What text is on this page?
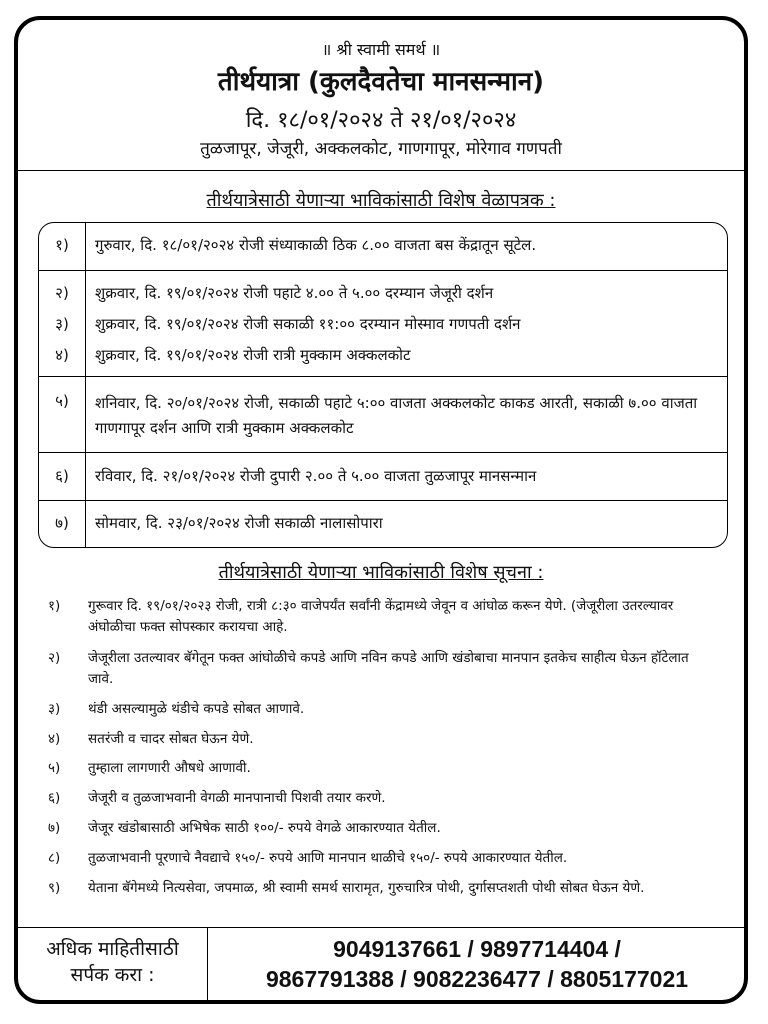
॥ श्री स्वामी समर्थ ॥
तीर्थयात्रा (कुलदैवतेचा मानसन्मान)
दि. १८/०१/२०२४ ते २१/०१/२०२४
तुळजापूर, जेजूरी, अक्कलकोट, गाणगापूर, मोरेगाव गणपती
तीर्थयात्रेसाठी येणाऱ्या भाविकांसाठी विशेष वेळापत्रक :
१)	गुरुवार, दि. १८/०१/२०२४ रोजी संध्याकाळी ठिक ८.०० वाजता बस केंद्रातून सूटेल.
२)	शुक्रवार, दि. १९/०१/२०२४ रोजी पहाटे ४.०० ते ५.०० दरम्यान जेजूरी दर्शन
३)	शुक्रवार, दि. १९/०१/२०२४ रोजी सकाळी ११:०० दरम्यान मोस्माव गणपती दर्शन
४)	शुक्रवार, दि. १९/०१/२०२४ रोजी रात्री मुक्काम अक्कलकोट
५)	शनिवार, दि. २०/०१/२०२४ रोजी, सकाळी पहाटे ५:०० वाजता अक्कलकोट काकड आरती, सकाळी ७.०० वाजता गाणगापूर दर्शन आणि रात्री मुक्काम अक्कलकोट
६)	रविवार, दि. २१/०१/२०२४ रोजी दुपारी २.०० ते ५.०० वाजता तुळजापूर मानसन्मान
७)	सोमवार, दि. २३/०१/२०२४ रोजी सकाळी नालासोपारा
तीर्थयात्रेसाठी येणाऱ्या भाविकांसाठी विशेष सूचना :
१)	गुरूवार दि. १९/०१/२०२३ रोजी, रात्री ८:३० वाजेपर्यंत सर्वांनी केंद्रामध्ये जेवून व आंघोळ करून येणे. (जेजूरीला उतरल्यावर अंघोळीचा फक्त सोपस्कार करायचा आहे.
२)	जेजूरीला उतल्यावर बॅगेतून फक्त आंघोळीचे कपडे आणि नविन कपडे आणि खंडोबाचा मानपान इतकेच साहीत्य घेऊन हॉटेलात जावे.
३)	थंडी असल्यामुळे थंडीचे कपडे सोबत आणावे.
४)	सतरंजी व चादर सोबत घेऊन येणे.
५)	तुम्हाला लागणारी औषधे आणावी.
६)	जेजूरी व तुळजाभवानी वेगळी मानपानाची पिशवी तयार करणे.
७)	जेजूर खंडोबासाठी अभिषेक साठी १००/- रुपये वेगळे आकारण्यात येतील.
८)	तुळजाभवानी पूरणाचे नैवद्याचे १५०/- रुपये आणि मानपान थाळीचे १५०/- रुपये आकारण्यात येतील.
९)	येताना बॅगेमध्ये नित्यसेवा, जपमाळ, श्री स्वामी समर्थ सारामृत, गुरुचारित्र पोथी, दुर्गासप्तशती पोथी सोबत घेऊन येणे.
अधिक माहितीसाठी
सर्पक करा :
9049137661 / 9897714404 /
9867791388 / 9082236477 / 8805177021
